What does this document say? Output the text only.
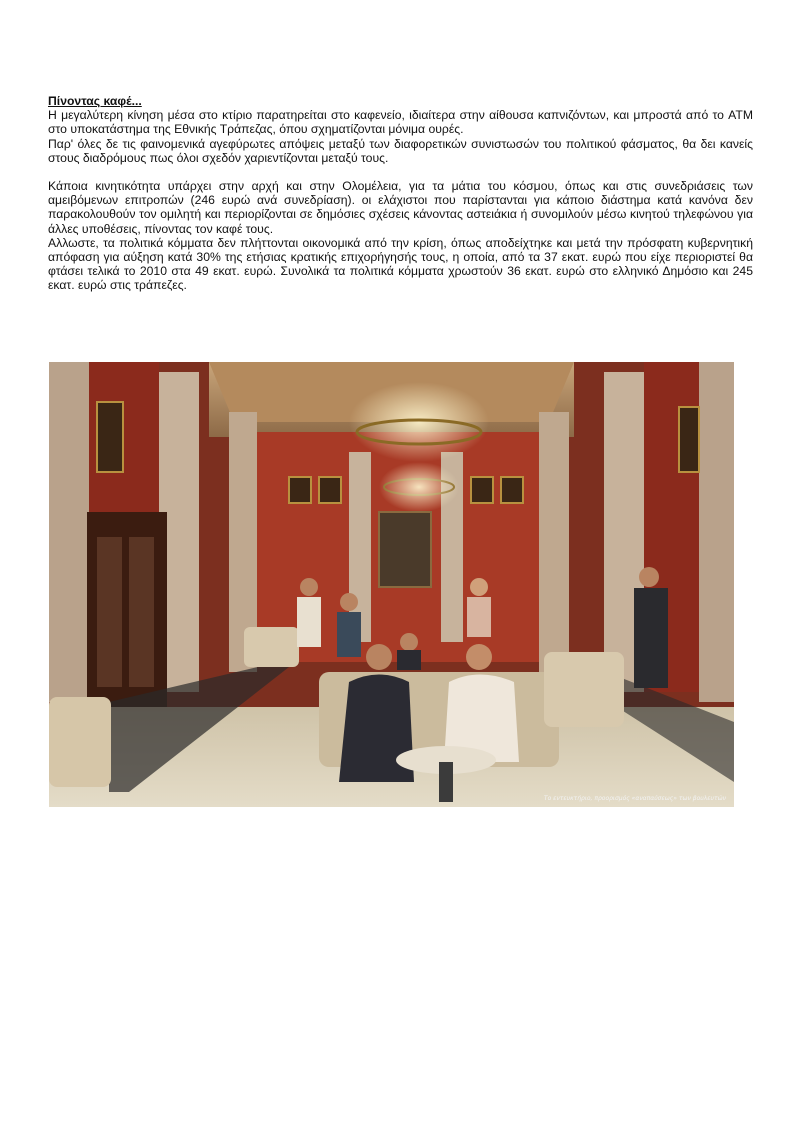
Πίνοντας καφέ...

Η μεγαλύτερη κίνηση μέσα στο κτίριο παρατηρείται στο καφενείο, ιδιαίτερα στην αίθουσα καπνιζόντων, και μπροστά από το ATM στο υποκατάστημα της Εθνικής Τράπεζας, όπου σχηματίζονται μόνιμα ουρές.

Παρ' όλες δε τις φαινομενικά αγεφύρωτες απόψεις μεταξύ των διαφορετικών συνιστωσών του πολιτικού φάσματος, θα δει κανείς στους διαδρόμους πως όλοι σχεδόν χαριεντίζονται μεταξύ τους.

Κάποια κινητικότητα υπάρχει στην αρχή και στην Ολομέλεια, για τα μάτια του κόσμου, όπως και στις συνεδριάσεις των αμειβόμενων επιτροπών (246 ευρώ ανά συνεδρίαση). οι ελάχιστοι που παρίστανται για κάποιο διάστημα κατά κανόνα δεν παρακολουθούν τον ομιλητή και περιορίζονται σε δημόσιες σχέσεις κάνοντας αστειάκια ή συνομιλούν μέσω κινητού τηλεφώνου για άλλες υποθέσεις, πίνοντας τον καφέ τους.

Αλλωστε, τα πολιτικά κόμματα δεν πλήττονται οικονομικά από την κρίση, όπως αποδείχτηκε και μετά την πρόσφατη κυβερνητική απόφαση για αύξηση κατά 30% της ετήσιας κρατικής επιχορήγησής τους, η οποία, από τα 37 εκατ. ευρώ που είχε περιοριστεί θα φτάσει τελικά το 2010 στα 49 εκατ. ευρώ. Συνολικά τα πολιτικά κόμματα χρωστούν 36 εκατ. ευρώ στο ελληνικό Δημόσιο και 245 εκατ. ευρώ στις τράπεζες.

Το εντευκτήριο, προορισμός «αναπαύσεως» των βουλευτών
